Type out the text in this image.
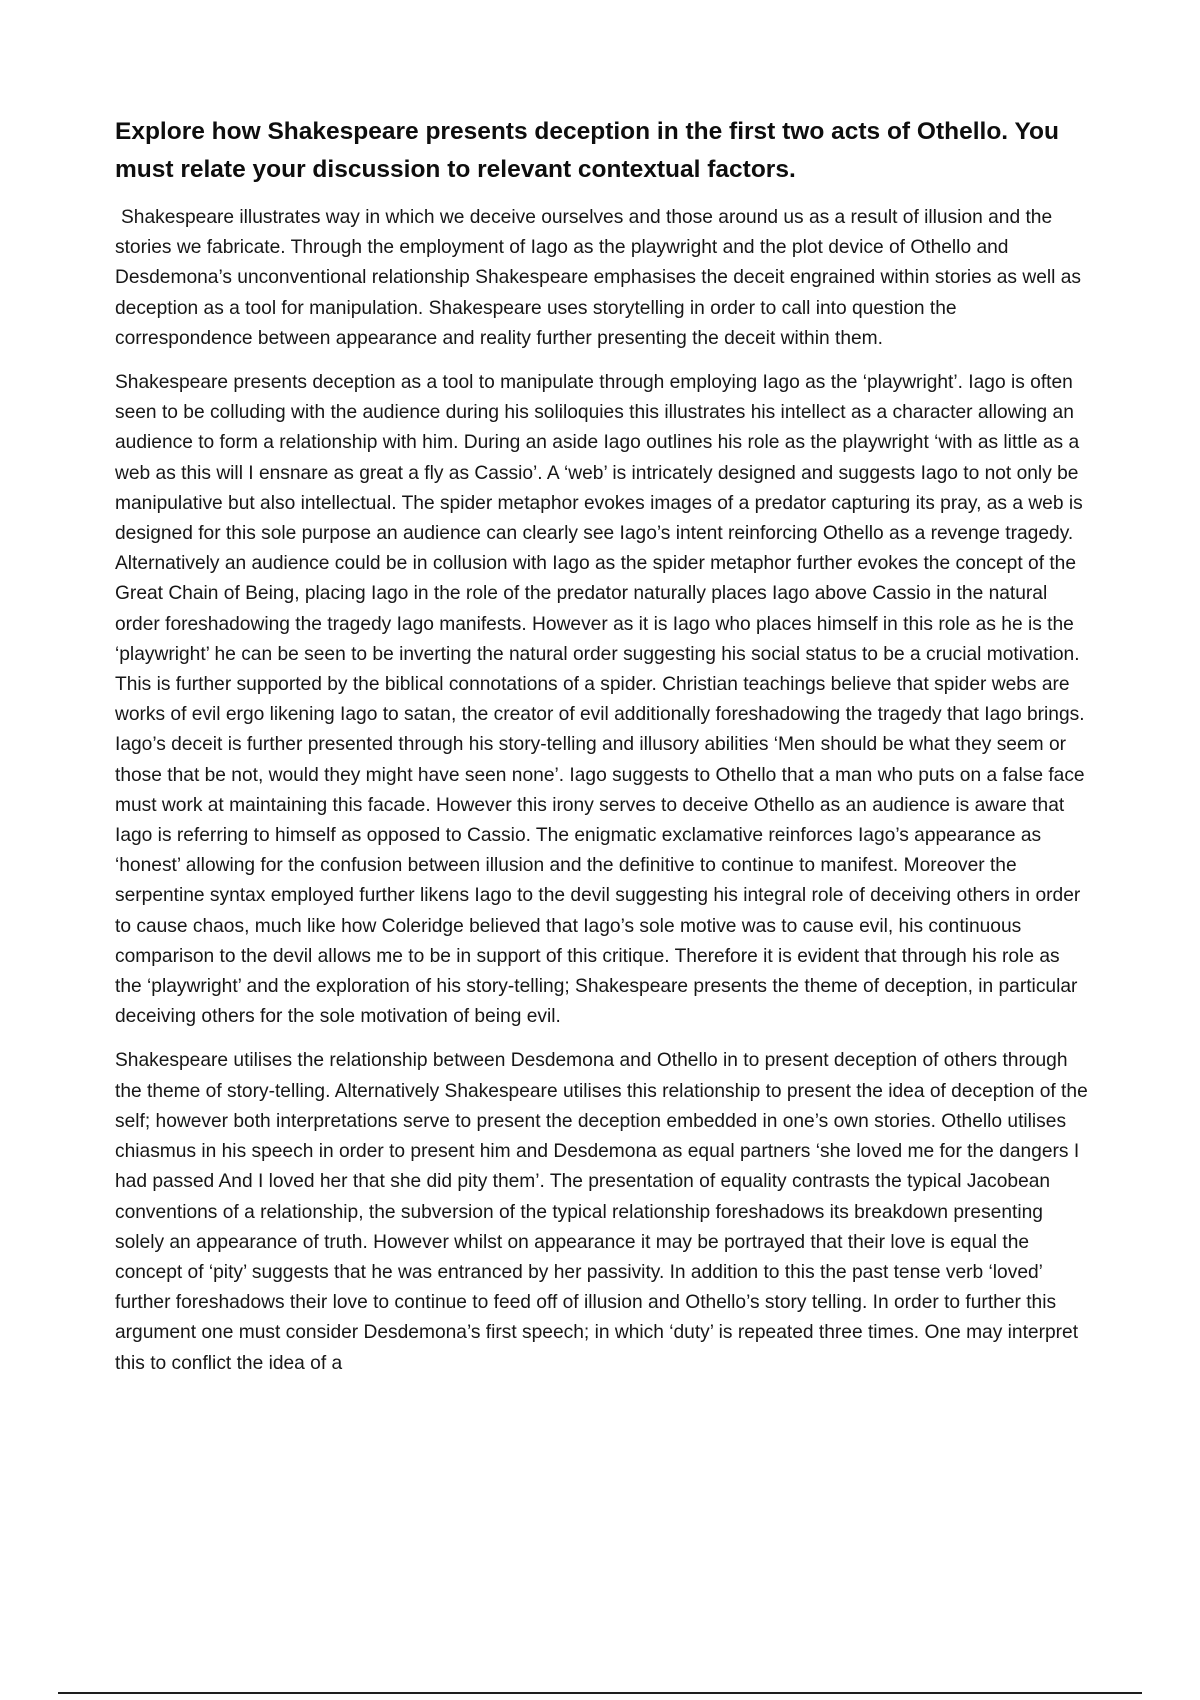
Explore how Shakespeare presents deception in the first two acts of Othello. You must relate your discussion to relevant contextual factors.

Shakespeare illustrates way in which we deceive ourselves and those around us as a result of illusion and the stories we fabricate. Through the employment of Iago as the playwright and the plot device of Othello and Desdemona’s unconventional relationship Shakespeare emphasises the deceit engrained within stories as well as deception as a tool for manipulation. Shakespeare uses storytelling in order to call into question the correspondence between appearance and reality further presenting the deceit within them.

Shakespeare presents deception as a tool to manipulate through employing Iago as the ‘playwright’. Iago is often seen to be colluding with the audience during his soliloquies this illustrates his intellect as a character allowing an audience to form a relationship with him. During an aside Iago outlines his role as the playwright ‘with as little as a web as this will I ensnare as great a fly as Cassio’. A ‘web’ is intricately designed and suggests Iago to not only be manipulative but also intellectual. The spider metaphor evokes images of a predator capturing its pray, as a web is designed for this sole purpose an audience can clearly see Iago’s intent reinforcing Othello as a revenge tragedy. Alternatively an audience could be in collusion with Iago as the spider metaphor further evokes the concept of the Great Chain of Being, placing Iago in the role of the predator naturally places Iago above Cassio in the natural order foreshadowing the tragedy Iago manifests. However as it is Iago who places himself in this role as he is the ‘playwright’ he can be seen to be inverting the natural order suggesting his social status to be a crucial motivation. This is further supported by the biblical connotations of a spider. Christian teachings believe that spider webs are works of evil ergo likening Iago to satan, the creator of evil additionally foreshadowing the tragedy that Iago brings. Iago’s deceit is further presented through his story-telling and illusory abilities ‘Men should be what they seem or those that be not, would they might have seen none’. Iago suggests to Othello that a man who puts on a false face must work at maintaining this facade. However this irony serves to deceive Othello as an audience is aware that Iago is referring to himself as opposed to Cassio. The enigmatic exclamative reinforces Iago’s appearance as ‘honest’ allowing for the confusion between illusion and the definitive to continue to manifest. Moreover the serpentine syntax employed further likens Iago to the devil suggesting his integral role of deceiving others in order to cause chaos, much like how Coleridge believed that Iago’s sole motive was to cause evil, his continuous comparison to the devil allows me to be in support of this critique. Therefore it is evident that through his role as the ‘playwright’ and the exploration of his story-telling; Shakespeare presents the theme of deception, in particular deceiving others for the sole motivation of being evil.

Shakespeare utilises the relationship between Desdemona and Othello in to present deception of others through the theme of story-telling. Alternatively Shakespeare utilises this relationship to present the idea of deception of the self; however both interpretations serve to present the deception embedded in one’s own stories. Othello utilises chiasmus in his speech in order to present him and Desdemona as equal partners ‘she loved me for the dangers I had passed And I loved her that she did pity them’. The presentation of equality contrasts the typical Jacobean conventions of a relationship, the subversion of the typical relationship foreshadows its breakdown presenting solely an appearance of truth. However whilst on appearance it may be portrayed that their love is equal the concept of ‘pity’ suggests that he was entranced by her passivity. In addition to this the past tense verb ‘loved’ further foreshadows their love to continue to feed off of illusion and Othello’s story telling. In order to further this argument one must consider Desdemona’s first speech; in which ‘duty’ is repeated three times. One may interpret this to conflict the idea of a
